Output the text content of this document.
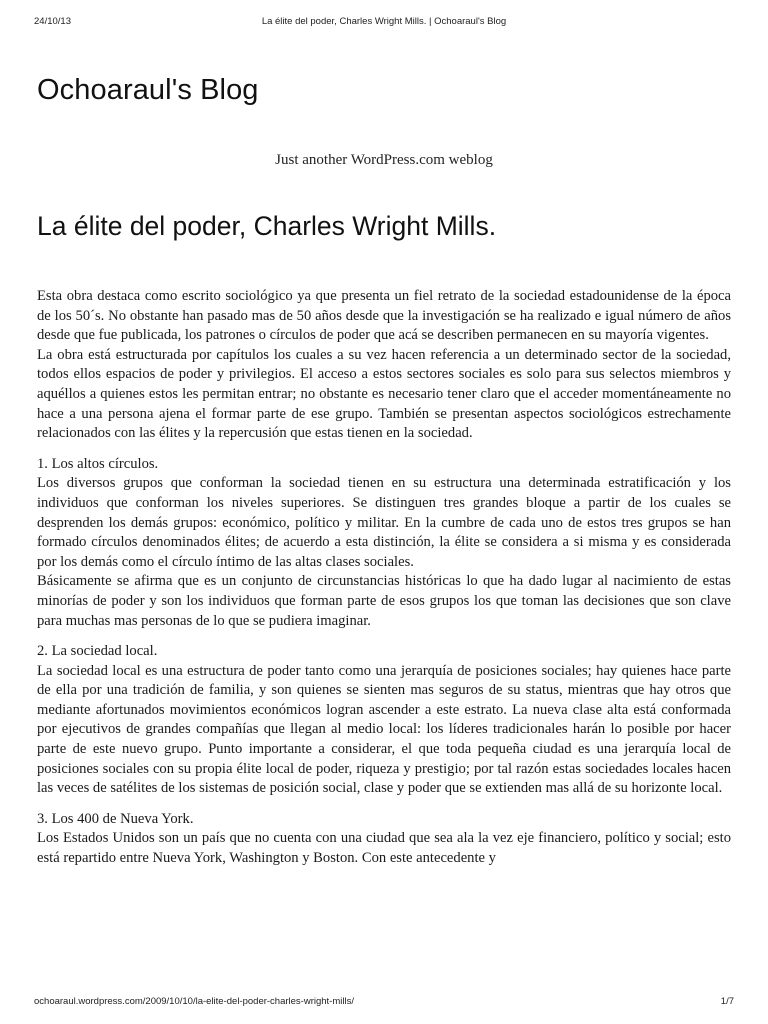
24/10/13	La élite del poder, Charles Wright Mills. | Ochoaraul's Blog
Ochoaraul's Blog
Just another WordPress.com weblog
La élite del poder, Charles Wright Mills.

Esta obra destaca como escrito sociológico ya que presenta un fiel retrato de la sociedad estadounidense de la época de los 50´s. No obstante han pasado mas de 50 años desde que la investigación se ha realizado e igual número de años desde que fue publicada, los patrones o círculos de poder que acá se describen permanecen en su mayoría vigentes.

La obra está estructurada por capítulos los cuales a su vez hacen referencia a un determinado sector de la sociedad, todos ellos espacios de poder y privilegios. El acceso a estos sectores sociales es solo para sus selectos miembros y aquéllos a quienes estos les permitan entrar; no obstante es necesario tener claro que el acceder momentáneamente no hace a una persona ajena el formar parte de ese grupo. También se presentan aspectos sociológicos estrechamente relacionados con las élites y la repercusión que estas tienen en la sociedad.

1. Los altos círculos.

Los diversos grupos que conforman la sociedad tienen en su estructura una determinada estratificación y los individuos que conforman los niveles superiores. Se distinguen tres grandes bloque a partir de los cuales se desprenden los demás grupos: económico, político y militar. En la cumbre de cada uno de estos tres grupos se han formado círculos denominados élites; de acuerdo a esta distinción, la élite se considera a si misma y es considerada por los demás como el círculo íntimo de las altas clases sociales.

Básicamente se afirma que es un conjunto de circunstancias históricas lo que ha dado lugar al nacimiento de estas minorías de poder y son los individuos que forman parte de esos grupos los que toman las decisiones que son clave para muchas mas personas de lo que se pudiera imaginar.

2. La sociedad local.

La sociedad local es una estructura de poder tanto como una jerarquía de posiciones sociales; hay quienes hace parte de ella por una tradición de familia, y son quienes se sienten mas seguros de su status, mientras que hay otros que mediante afortunados movimientos económicos logran ascender a este estrato. La nueva clase alta está conformada por ejecutivos de grandes compañías que llegan al medio local: los líderes tradicionales harán lo posible por hacer parte de este nuevo grupo. Punto importante a considerar, el que toda pequeña ciudad es una jerarquía local de posiciones sociales con su propia élite local de poder, riqueza y prestigio; por tal razón estas sociedades locales hacen las veces de satélites de los sistemas de posición social, clase y poder que se extienden mas allá de su horizonte local.

3. Los 400 de Nueva York.

Los Estados Unidos son un país que no cuenta con una ciudad que sea ala la vez eje financiero, político y social; esto está repartido entre Nueva York, Washington y Boston. Con este antecedente y

ochoaraul.wordpress.com/2009/10/10/la-elite-del-poder-charles-wright-mills/	1/7
